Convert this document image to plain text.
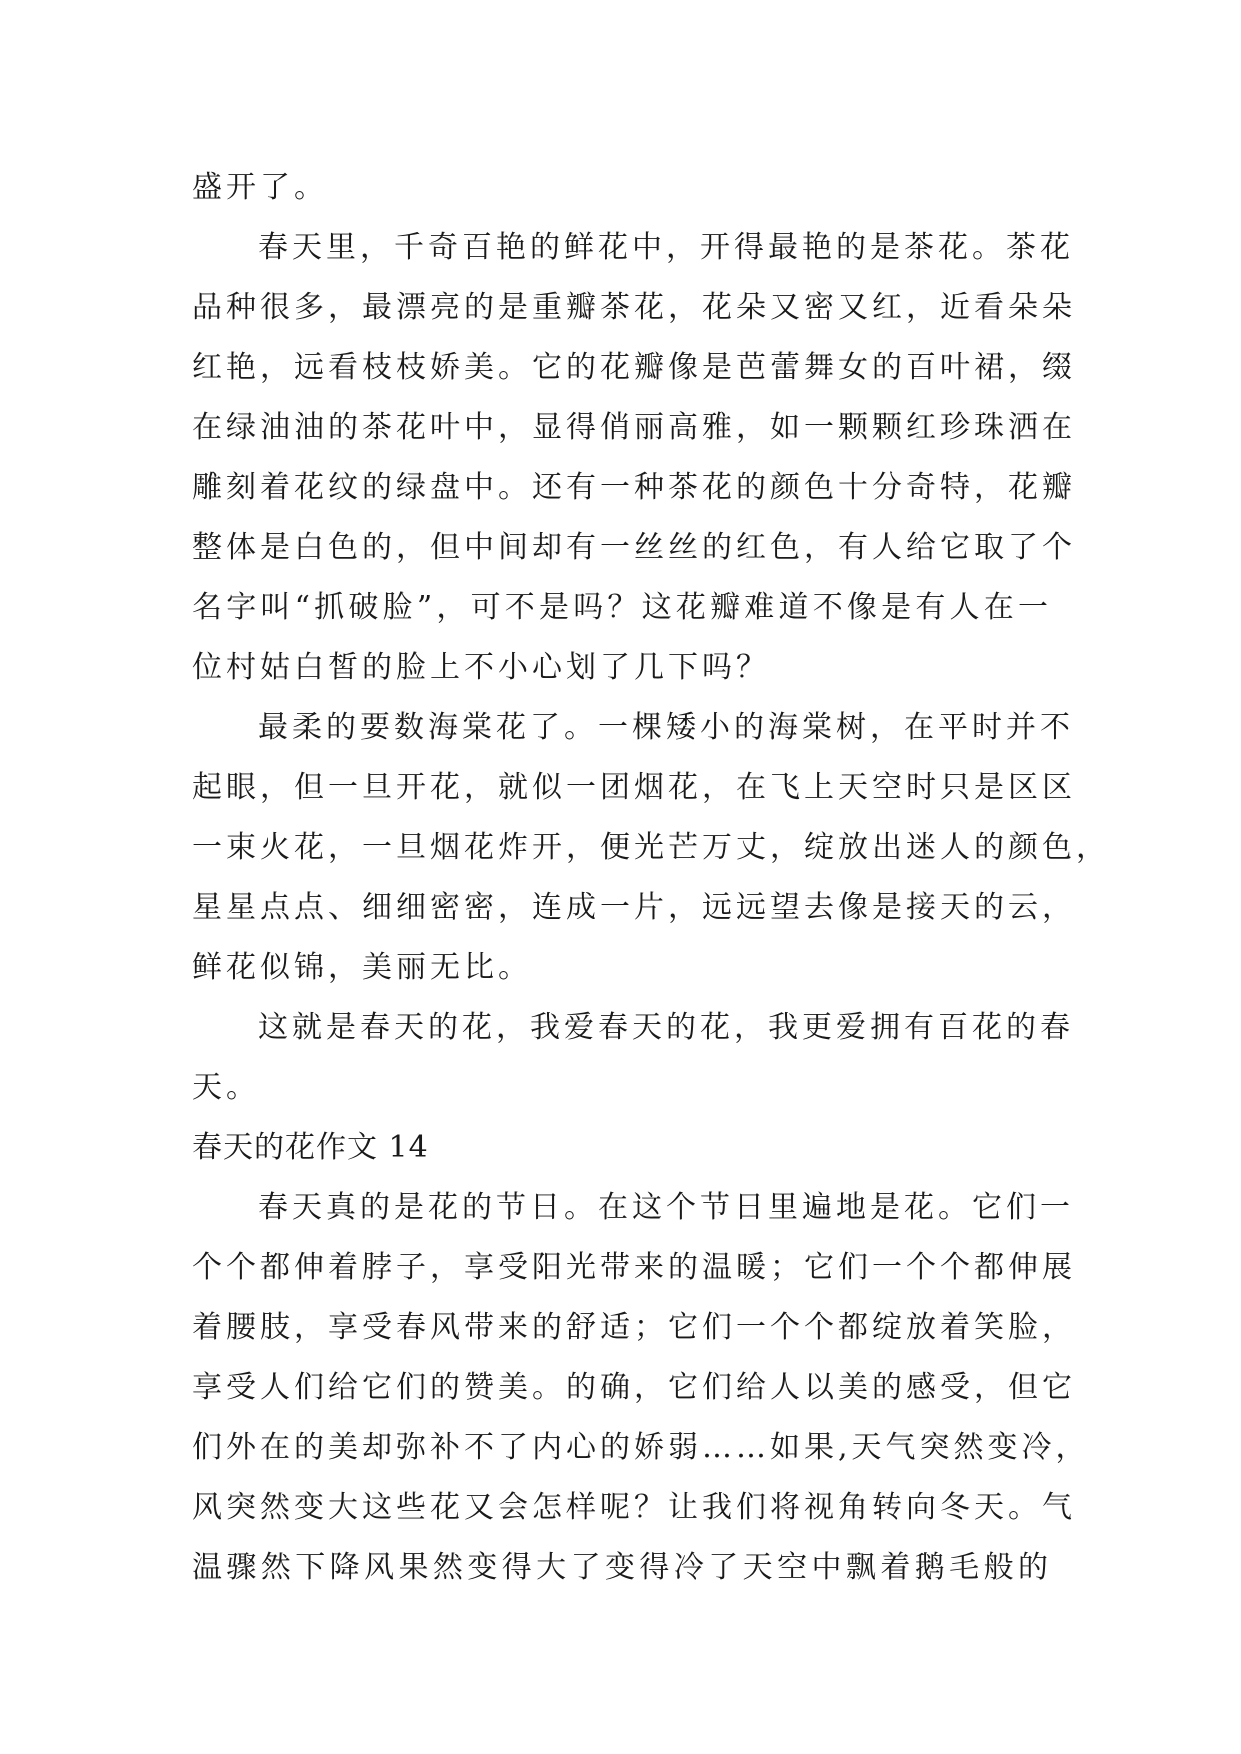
盛开了。
春天里，千奇百艳的鲜花中，开得最艳的是茶花。茶花
品种很多，最漂亮的是重瓣茶花，花朵又密又红，近看朵朵
红艳，远看枝枝娇美。它的花瓣像是芭蕾舞女的百叶裙，缀
在绿油油的茶花叶中，显得俏丽高雅，如一颗颗红珍珠洒在
雕刻着花纹的绿盘中。还有一种茶花的颜色十分奇特，花瓣
整体是白色的，但中间却有一丝丝的红色，有人给它取了个
名字叫“抓破脸”，可不是吗？这花瓣难道不像是有人在一
位村姑白皙的脸上不小心划了几下吗？
最柔的要数海棠花了。一棵矮小的海棠树，在平时并不
起眼，但一旦开花，就似一团烟花，在飞上天空时只是区区
一束火花，一旦烟花炸开，便光芒万丈，绽放出迷人的颜色，
星星点点、细细密密，连成一片，远远望去像是接天的云，
鲜花似锦，美丽无比。
这就是春天的花，我爱春天的花，我更爱拥有百花的春
天。
春天的花作文 14
春天真的是花的节日。在这个节日里遍地是花。它们一
个个都伸着脖子，享受阳光带来的温暖；它们一个个都伸展
着腰肢，享受春风带来的舒适；它们一个个都绽放着笑脸，
享受人们给它们的赞美。的确，它们给人以美的感受，但它
们外在的美却弥补不了内心的娇弱……如果,天气突然变冷，
风突然变大这些花又会怎样呢？让我们将视角转向冬天。气
温骤然下降风果然变得大了变得冷了天空中飘着鹅毛般的
